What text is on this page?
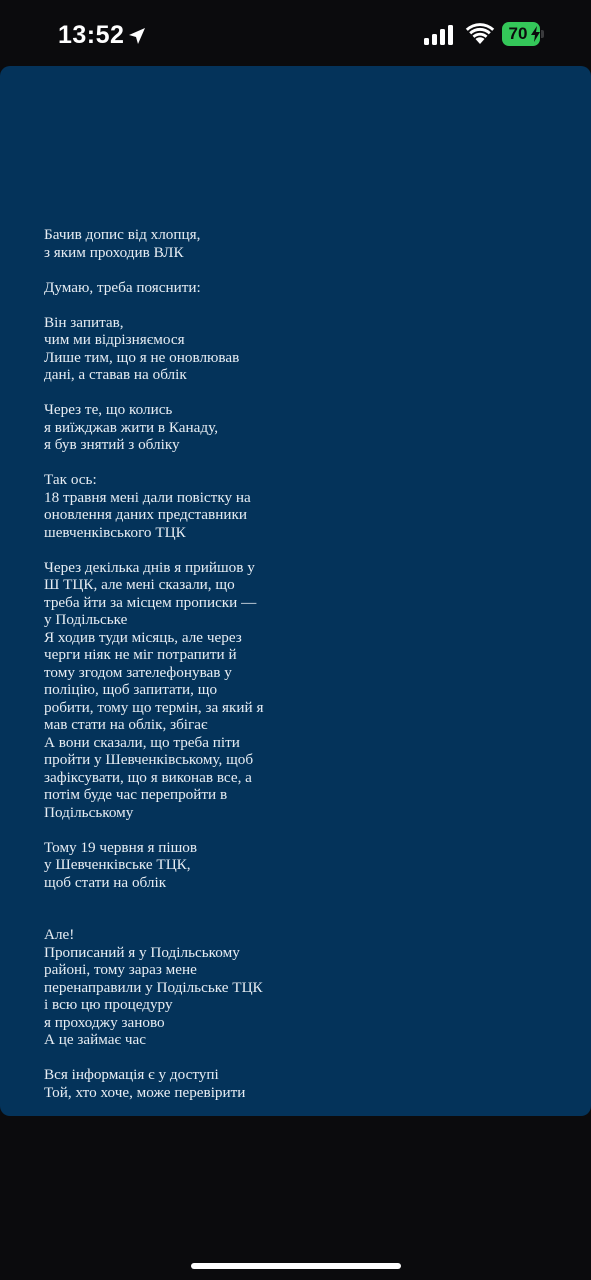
13:52	70
Бачив допис від хлопця,
з яким проходив ВЛК
Думаю, треба пояснити:
Він запитав,
чим ми відрізняємося
Лише тим, що я не оновлював
дані, а ставав на облік
Через те, що колись
я виїжджав жити в Канаду,
я був знятий з обліку
Так ось:
18 травня мені дали повістку на
оновлення даних представники
шевченківського ТЦК
Через декілька днів я прийшов у
Ш ТЦК, але мені сказали, що
треба йти за місцем прописки —
у Подільське
Я ходив туди місяць, але через
черги ніяк не міг потрапити й
тому згодом зателефонував у
поліцію, щоб запитати, що
робити, тому що термін, за який я
мав стати на облік, збігає
А вони сказали, що треба піти
пройти у Шевченківському, щоб
зафіксувати, що я виконав все, а
потім буде час перепройти в
Подільському
Тому 19 червня я пішов
у Шевченківське ТЦК,
щоб стати на облік
Але!
Прописаний я у Подільському
районі, тому зараз мене
перенаправили у Подільське ТЦК
і всю цю процедуру
я проходжу заново
А це займає час
Вся інформація є у доступі
Той, хто хоче, може перевірити
